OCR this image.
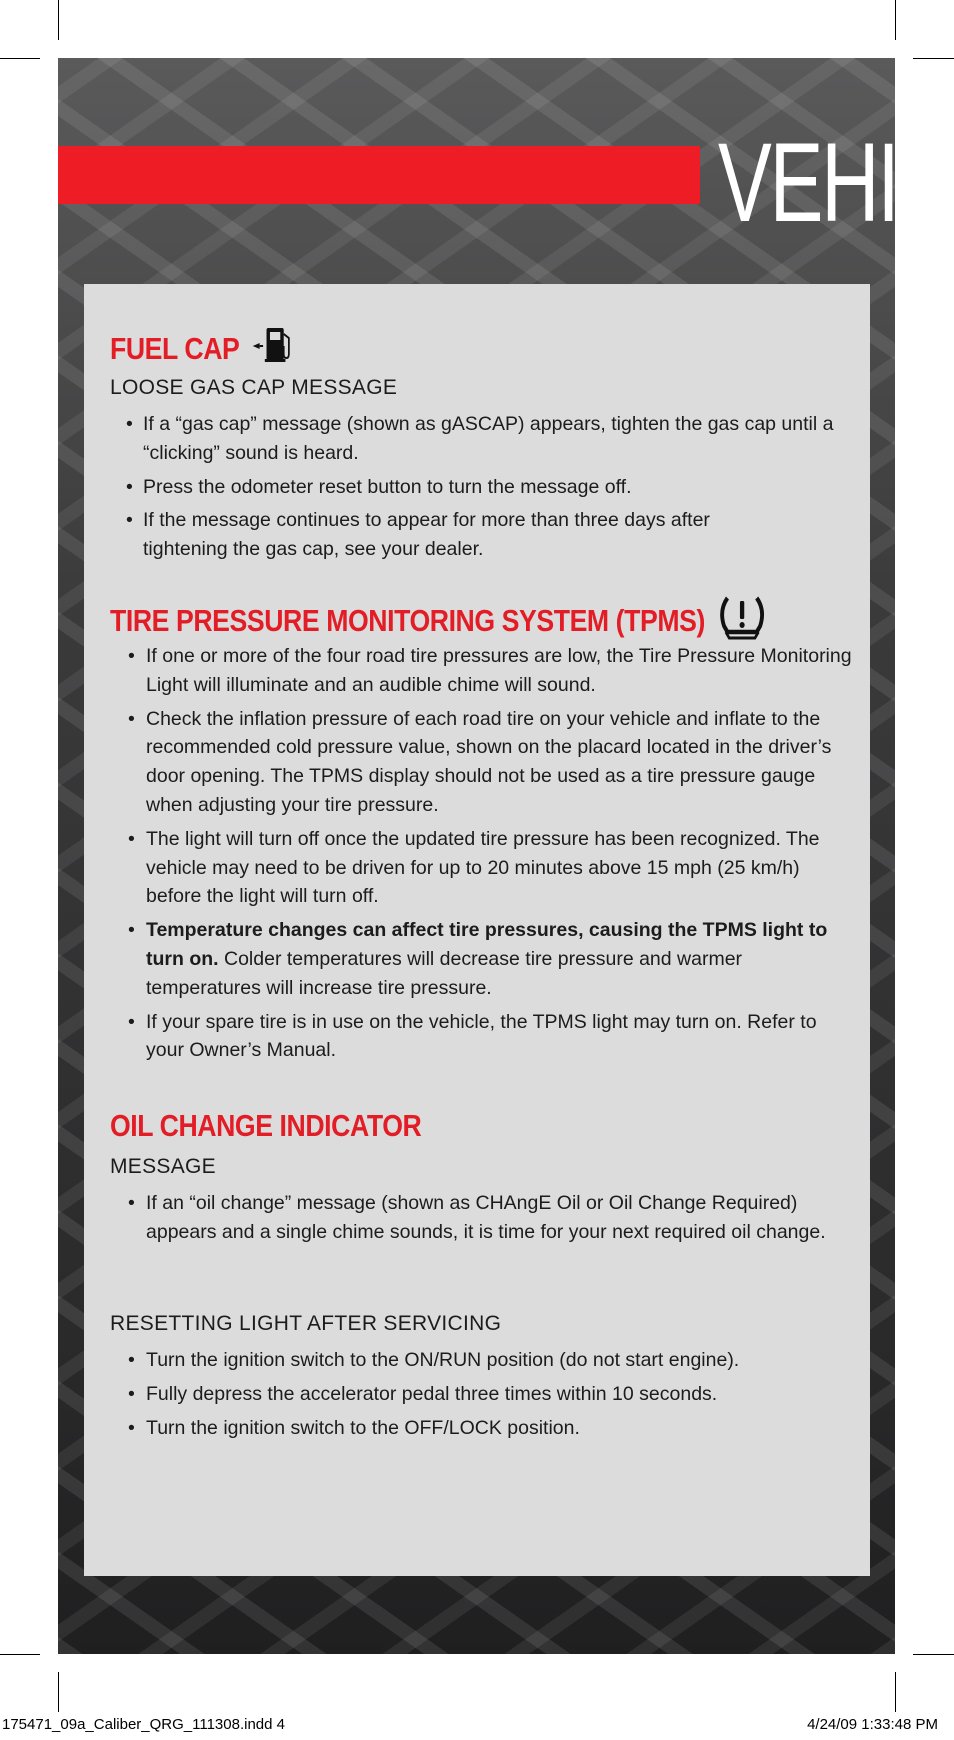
VEHI
FUEL CAP

LOOSE GAS CAP MESSAGE

• If a “gas cap” message (shown as gASCAP) appears, tighten the gas cap until a “clicking” sound is heard.
• Press the odometer reset button to turn the message off.
• If the message continues to appear for more than three days after tightening the gas cap, see your dealer.
TIRE PRESSURE MONITORING SYSTEM (TPMS)
• If one or more of the four road tire pressures are low, the Tire Pressure Monitoring Light will illuminate and an audible chime will sound.
• Check the inflation pressure of each road tire on your vehicle and inflate to the recommended cold pressure value, shown on the placard located in the driver’s door opening. The TPMS display should not be used as a tire pressure gauge when adjusting your tire pressure.
• The light will turn off once the updated tire pressure has been recognized. The vehicle may need to be driven for up to 20 minutes above 15 mph (25 km/h) before the light will turn off.
• Temperature changes can affect tire pressures, causing the TPMS light to turn on. Colder temperatures will decrease tire pressure and warmer temperatures will increase tire pressure.
• If your spare tire is in use on the vehicle, the TPMS light may turn on. Refer to your Owner’s Manual.
OIL CHANGE INDICATOR

MESSAGE

• If an “oil change” message (shown as CHAngE Oil or Oil Change Required) appears and a single chime sounds, it is time for your next required oil change.

RESETTING LIGHT AFTER SERVICING

• Turn the ignition switch to the ON/RUN position (do not start engine).
• Fully depress the accelerator pedal three times within 10 seconds.
• Turn the ignition switch to the OFF/LOCK position.
175471_09a_Caliber_QRG_111308.indd 4	4/24/09 1:33:48 PM
